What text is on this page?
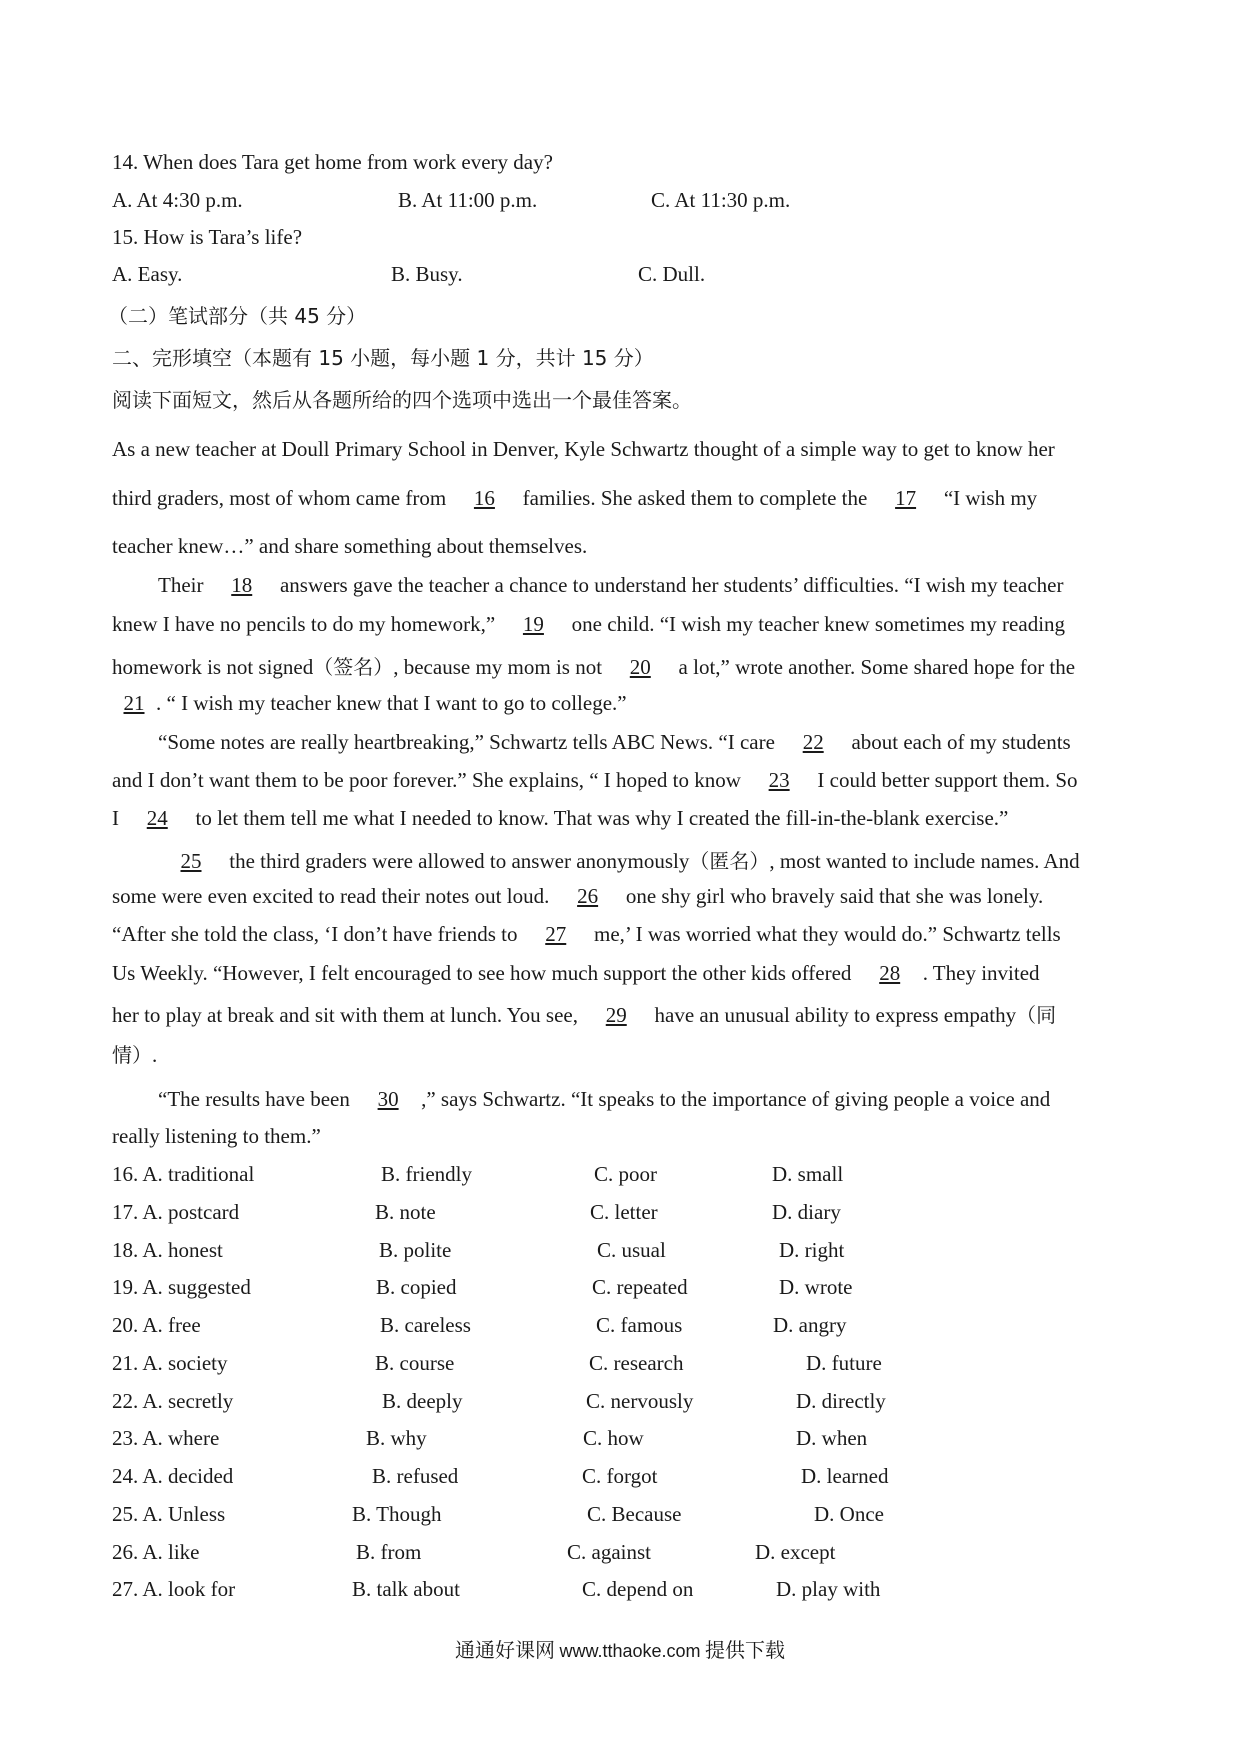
14. When does Tara get home from work every day?
A. At 4:30 p.m.	B. At 11:00 p.m.	C. At 11:30 p.m.
15. How is Tara’s life?
A. Easy.	B. Busy.	C. Dull.
（二）笔试部分（共 45 分）
二、完形填空（本题有 15 小题，每小题 1 分，共计 15 分）
阅读下面短文，然后从各题所给的四个选项中选出一个最佳答案。
As a new teacher at Doull Primary School in Denver, Kyle Schwartz thought of a simple way to get to know her
third graders, most of whom came from 16 families. She asked them to complete the 17 “I wish my
teacher knew…” and share something about themselves.
Their 18 answers gave the teacher a chance to understand her students’ difficulties. “I wish my teacher
knew I have no pencils to do my homework,” 19 one child. “I wish my teacher knew sometimes my reading
homework is not signed（签名）, because my mom is not 20 a lot,” wrote another. Some shared hope for the
21 . “ I wish my teacher knew that I want to go to college.”
“Some notes are really heartbreaking,” Schwartz tells ABC News. “I care 22 about each of my students
and I don’t want them to be poor forever.” She explains, “ I hoped to know 23 I could better support them. So
I 24 to let them tell me what I needed to know. That was why I created the fill-in-the-blank exercise.”
25 the third graders were allowed to answer anonymously（匿名）, most wanted to include names. And
some were even excited to read their notes out loud. 26 one shy girl who bravely said that she was lonely.
“After she told the class, ‘I don’t have friends to 27 me,’ I was worried what they would do.” Schwartz tells
Us Weekly. “However, I felt encouraged to see how much support the other kids offered 28 . They invited
her to play at break and sit with them at lunch. You see, 29 have an unusual ability to express empathy（同
情）.
“The results have been 30 ,” says Schwartz. “It speaks to the importance of giving people a voice and
really listening to them.”
16. A. traditional	B. friendly	C. poor	D. small
17. A. postcard	B. note	C. letter	D. diary
18. A. honest	B. polite	C. usual	D. right
19. A. suggested	B. copied	C. repeated	D. wrote
20. A. free	B. careless	C. famous	D. angry
21. A. society	B. course	C. research	D. future
22. A. secretly	B. deeply	C. nervously	D. directly
23. A. where	B. why	C. how	D. when
24. A. decided	B. refused	C. forgot	D. learned
25. A. Unless	B. Though	C. Because	D. Once
26. A. like	B. from	C. against	D. except
27. A. look for	B. talk about	C. depend on	D. play with
通通好课网 www.tthaoke.com 提供下载
